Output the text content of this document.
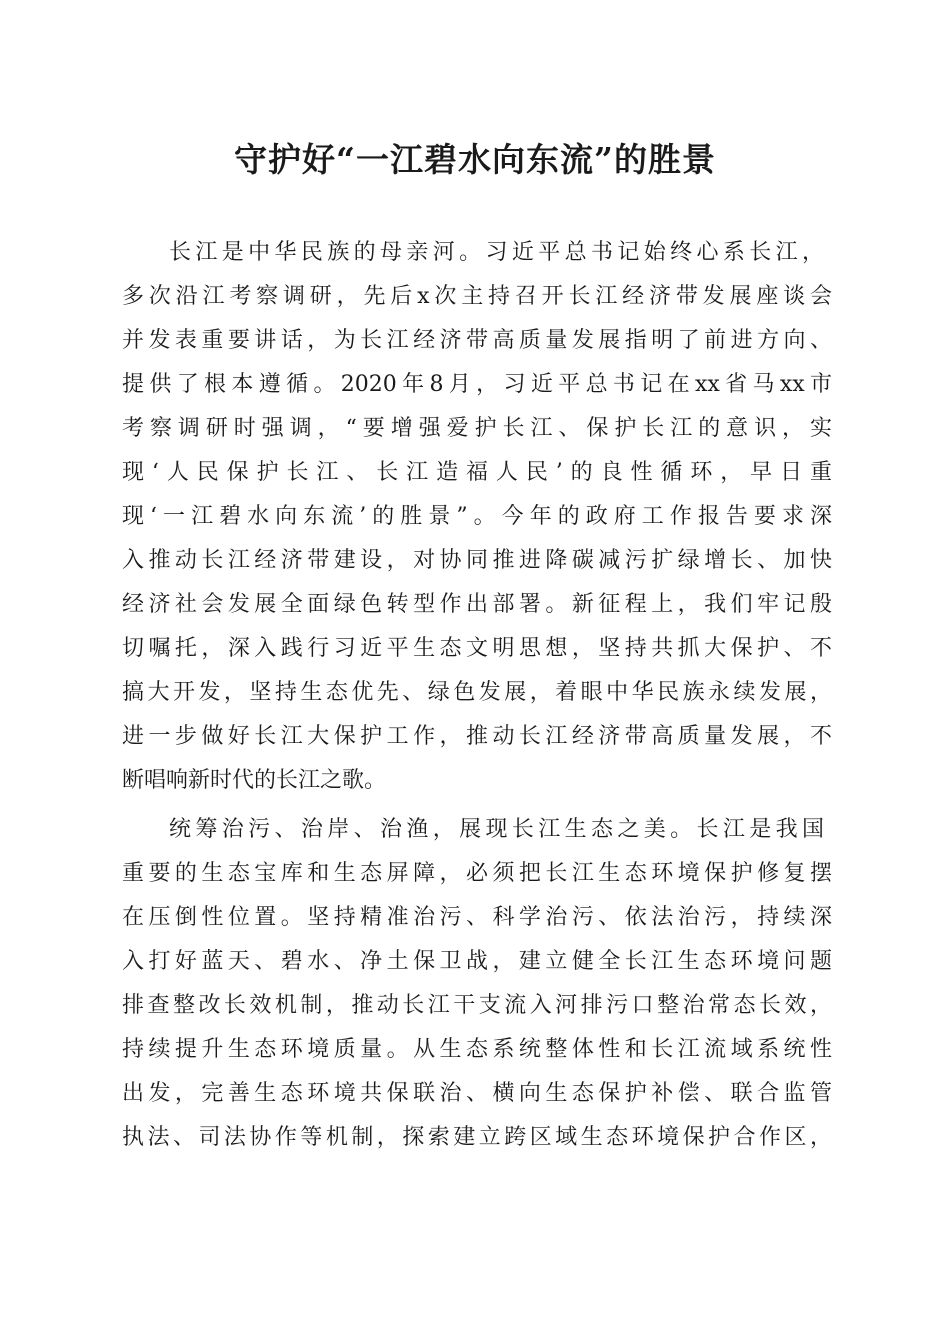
守护好“一江碧水向东流”的胜景

长江是中华民族的母亲河。习近平总书记始终心系长江，

多次沿江考察调研，先后x次主持召开长江经济带发展座谈会

并发表重要讲话，为长江经济带高质量发展指明了前进方向、

提供了根本遵循。2020年8月，习近平总书记在xx省马xx市

考察调研时强调，“要增强爱护长江、保护长江的意识，实

现‘人民保护长江、长江造福人民’的良性循环，早日重

现‘一江碧水向东流’的胜景”。今年的政府工作报告要求深

入推动长江经济带建设，对协同推进降碳减污扩绿增长、加快

经济社会发展全面绿色转型作出部署。新征程上，我们牢记殷

切嘱托，深入践行习近平生态文明思想，坚持共抓大保护、不

搞大开发，坚持生态优先、绿色发展，着眼中华民族永续发展，

进一步做好长江大保护工作，推动长江经济带高质量发展，不

断唱响新时代的长江之歌。

统筹治污、治岸、治渔，展现长江生态之美。长江是我国

重要的生态宝库和生态屏障，必须把长江生态环境保护修复摆

在压倒性位置。坚持精准治污、科学治污、依法治污，持续深

入打好蓝天、碧水、净土保卫战，建立健全长江生态环境问题

排查整改长效机制，推动长江干支流入河排污口整治常态长效，

持续提升生态环境质量。从生态系统整体性和长江流域系统性

出发，完善生态环境共保联治、横向生态保护补偿、联合监管

执法、司法协作等机制，探索建立跨区域生态环境保护合作区，
